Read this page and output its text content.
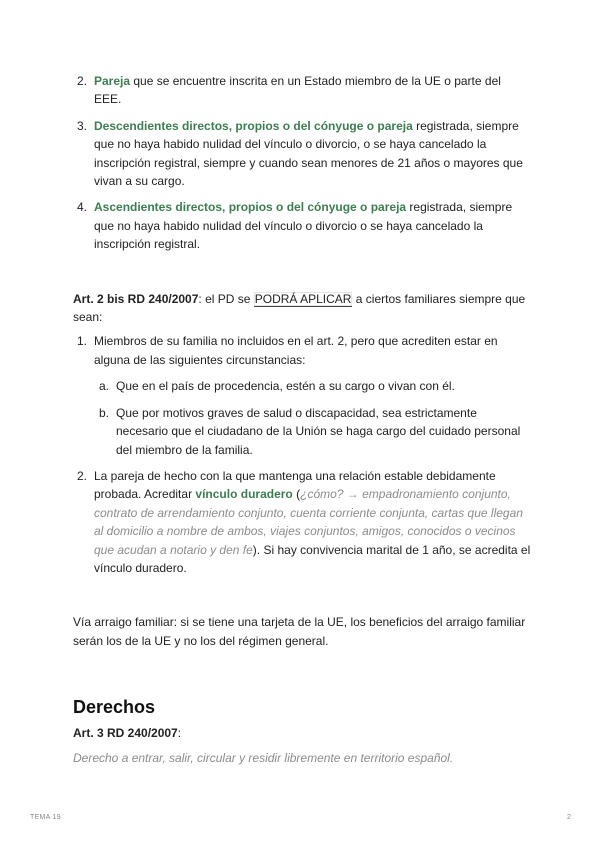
2. Pareja que se encuentre inscrita en un Estado miembro de la UE o parte del EEE.
3. Descendientes directos, propios o del cónyuge o pareja registrada, siempre que no haya habido nulidad del vínculo o divorcio, o se haya cancelado la inscripción registral, siempre y cuando sean menores de 21 años o mayores que vivan a su cargo.
4. Ascendientes directos, propios o del cónyuge o pareja registrada, siempre que no haya habido nulidad del vínculo o divorcio o se haya cancelado la inscripción registral.

Art. 2 bis RD 240/2007: el PD se PODRÁ APLICAR a ciertos familiares siempre que sean:

1. Miembros de su familia no incluidos en el art. 2, pero que acrediten estar en alguna de las siguientes circunstancias:
a. Que en el país de procedencia, estén a su cargo o vivan con él.
b. Que por motivos graves de salud o discapacidad, sea estrictamente necesario que el ciudadano de la Unión se haga cargo del cuidado personal del miembro de la familia.
2. La pareja de hecho con la que mantenga una relación estable debidamente probada. Acreditar vínculo duradero (¿cómo? → empadronamiento conjunto, contrato de arrendamiento conjunto, cuenta corriente conjunta, cartas que llegan al domicilio a nombre de ambos, viajes conjuntos, amigos, conocidos o vecinos que acudan a notario y den fe). Si hay convivencia marital de 1 año, se acredita el vínculo duradero.

Vía arraigo familiar: si se tiene una tarjeta de la UE, los beneficios del arraigo familiar serán los de la UE y no los del régimen general.

Derechos

Art. 3 RD 240/2007:

Derecho a entrar, salir, circular y residir libremente en territorio español.

TEMA 19	2
